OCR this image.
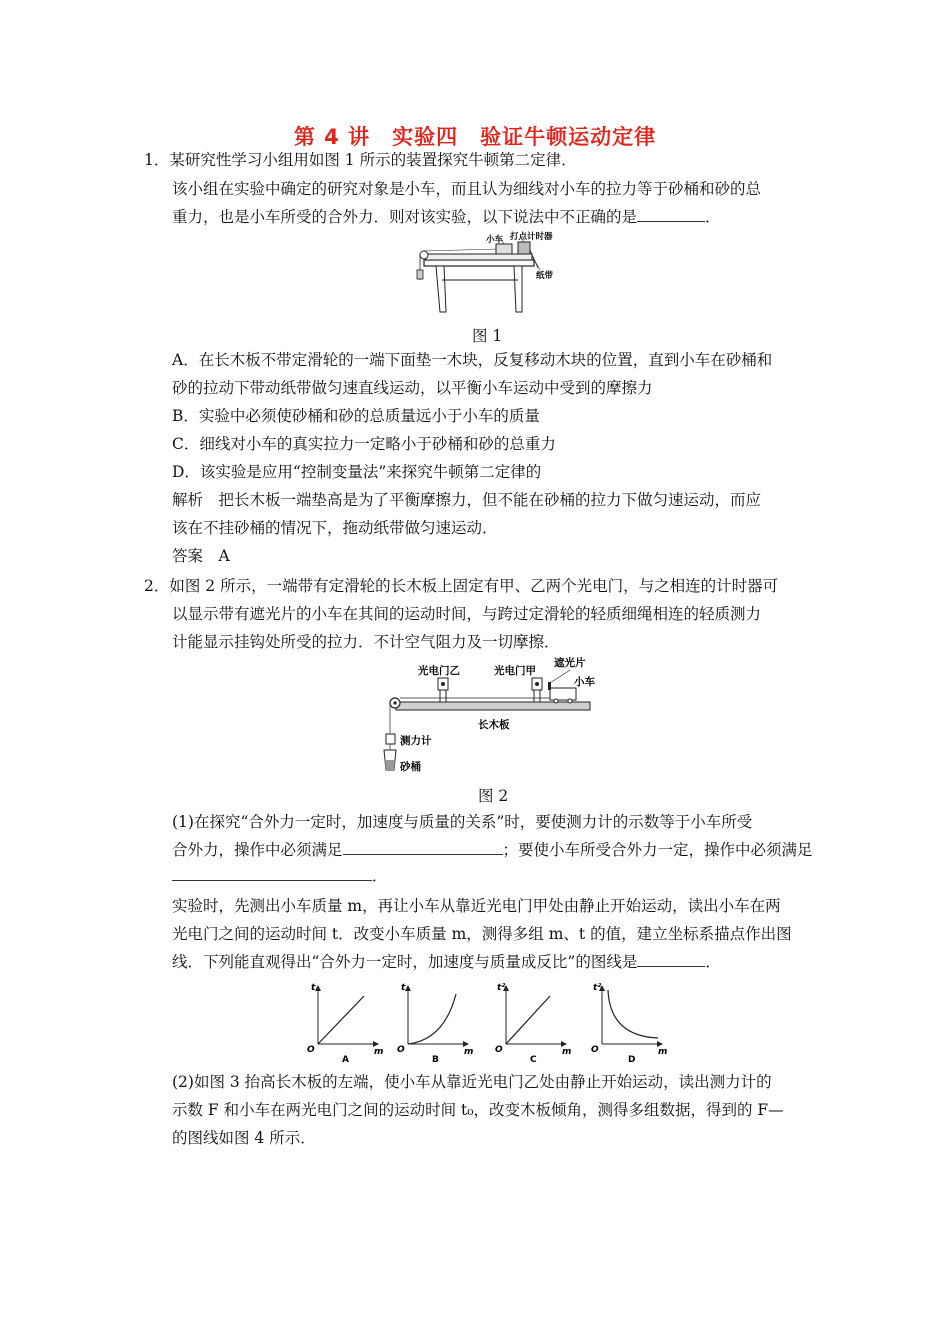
第 4 讲　实验四　验证牛顿运动定律
1．某研究性学习小组用如图 1 所示的装置探究牛顿第二定律．
该小组在实验中确定的研究对象是小车，而且认为细线对小车的拉力等于砂桶和砂的总
重力，也是小车所受的合外力．则对该实验，以下说法中不正确的是	．
小车 打点计时器
纸带
图 1
A．在长木板不带定滑轮的一端下面垫一木块，反复移动木块的位置，直到小车在砂桶和
砂的拉动下带动纸带做匀速直线运动，以平衡小车运动中受到的摩擦力
B．实验中必须使砂桶和砂的总质量远小于小车的质量
C．细线对小车的真实拉力一定略小于砂桶和砂的总重力
D．该实验是应用“控制变量法”来探究牛顿第二定律的
解析　把长木板一端垫高是为了平衡摩擦力，但不能在砂桶的拉力下做匀速运动，而应
该在不挂砂桶的情况下，拖动纸带做匀速运动．
答案　A
2．如图 2 所示，一端带有定滑轮的长木板上固定有甲、乙两个光电门，与之相连的计时器可
以显示带有遮光片的小车在其间的运动时间，与跨过定滑轮的轻质细绳相连的轻质测力
计能显示挂钩处所受的拉力．不计空气阻力及一切摩擦．
光电门乙	光电门甲
遮光片
小车
长木板
测力计
砂桶
图 2
(1)在探究“合外力一定时，加速度与质量的关系”时，要使测力计的示数等于小车所受
合外力，操作中必须满足	；要使小车所受合外力一定，操作中必须满足
．
实验时，先测出小车质量 m，再让小车从靠近光电门甲处由静止开始运动，读出小车在两
光电门之间的运动时间 t．改变小车质量 m，测得多组 m、t 的值，建立坐标系描点作出图
线．下列能直观得出“合外力一定时，加速度与质量成反比”的图线是	．
t
m
O
A
t
m
O
B
t²
m
O
C
t²
m
O
D
(2)如图 3 抬高长木板的左端，使小车从靠近光电门乙处由静止开始运动，读出测力计的
示数 F 和小车在两光电门之间的运动时间 t₀，改变木板倾角，测得多组数据，得到的 F—
的图线如图 4 所示．
